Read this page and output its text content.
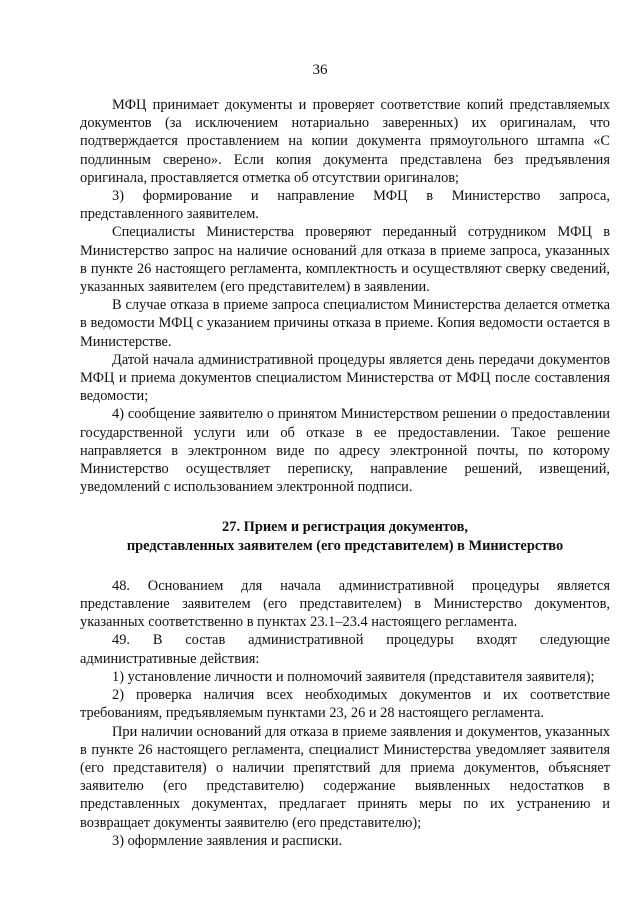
36

МФЦ принимает документы и проверяет соответствие копий представляемых документов (за исключением нотариально заверенных) их оригиналам, что подтверждается проставлением на копии документа прямоугольного штампа «С подлинным сверено». Если копия документа представлена без предъявления оригинала, проставляется отметка об отсутствии оригиналов;

3) формирование и направление МФЦ в Министерство запроса, представленного заявителем.

Специалисты Министерства проверяют переданный сотрудником МФЦ в Министерство запрос на наличие оснований для отказа в приеме запроса, указанных в пункте 26 настоящего регламента, комплектность и осуществляют сверку сведений, указанных заявителем (его представителем) в заявлении.

В случае отказа в приеме запроса специалистом Министерства делается отметка в ведомости МФЦ с указанием причины отказа в приеме. Копия ведомости остается в Министерстве.

Датой начала административной процедуры является день передачи документов МФЦ и приема документов специалистом Министерства от МФЦ после составления ведомости;

4) сообщение заявителю о принятом Министерством решении о предоставлении государственной услуги или об отказе в ее предоставлении. Такое решение направляется в электронном виде по адресу электронной почты, по которому Министерство осуществляет переписку, направление решений, извещений, уведомлений с использованием электронной подписи.

27. Прием и регистрация документов,
представленных заявителем (его представителем) в Министерство

48. Основанием для начала административной процедуры является представление заявителем (его представителем) в Министерство документов, указанных соответственно в пунктах 23.1–23.4 настоящего регламента.

49. В состав административной процедуры входят следующие административные действия:

1) установление личности и полномочий заявителя (представителя заявителя);

2) проверка наличия всех необходимых документов и их соответствие требованиям, предъявляемым пунктами 23, 26 и 28 настоящего регламента.

При наличии оснований для отказа в приеме заявления и документов, указанных в пункте 26 настоящего регламента, специалист Министерства уведомляет заявителя (его представителя) о наличии препятствий для приема документов, объясняет заявителю (его представителю) содержание выявленных недостатков в представленных документах, предлагает принять меры по их устранению и возвращает документы заявителю (его представителю);

3) оформление заявления и расписки.
